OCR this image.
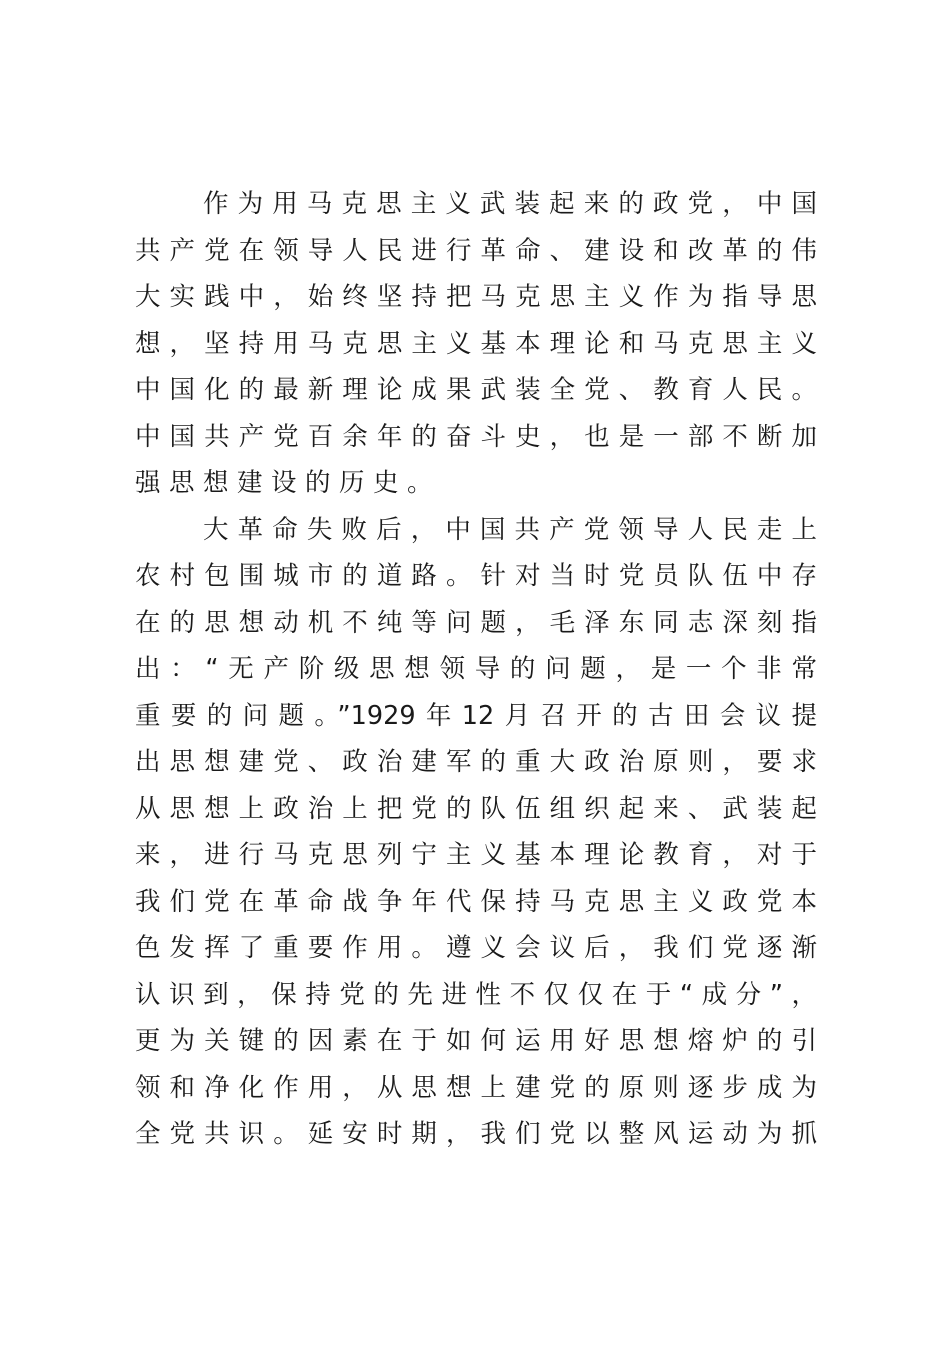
作为用马克思主义武装起来的政党，中国
共产党在领导人民进行革命、建设和改革的伟
大实践中，始终坚持把马克思主义作为指导思
想，坚持用马克思主义基本理论和马克思主义
中国化的最新理论成果武装全党、教育人民。
中国共产党百余年的奋斗史，也是一部不断加
强思想建设的历史。
大革命失败后，中国共产党领导人民走上
农村包围城市的道路。针对当时党员队伍中存
在的思想动机不纯等问题，毛泽东同志深刻指
出：“无产阶级思想领导的问题，是一个非常
重要的问题。”1929年12月召开的古田会议提
出思想建党、政治建军的重大政治原则，要求
从思想上政治上把党的队伍组织起来、武装起
来，进行马克思列宁主义基本理论教育，对于
我们党在革命战争年代保持马克思主义政党本
色发挥了重要作用。遵义会议后，我们党逐渐
认识到，保持党的先进性不仅仅在于“成分”，
更为关键的因素在于如何运用好思想熔炉的引
领和净化作用，从思想上建党的原则逐步成为
全党共识。延安时期，我们党以整风运动为抓
